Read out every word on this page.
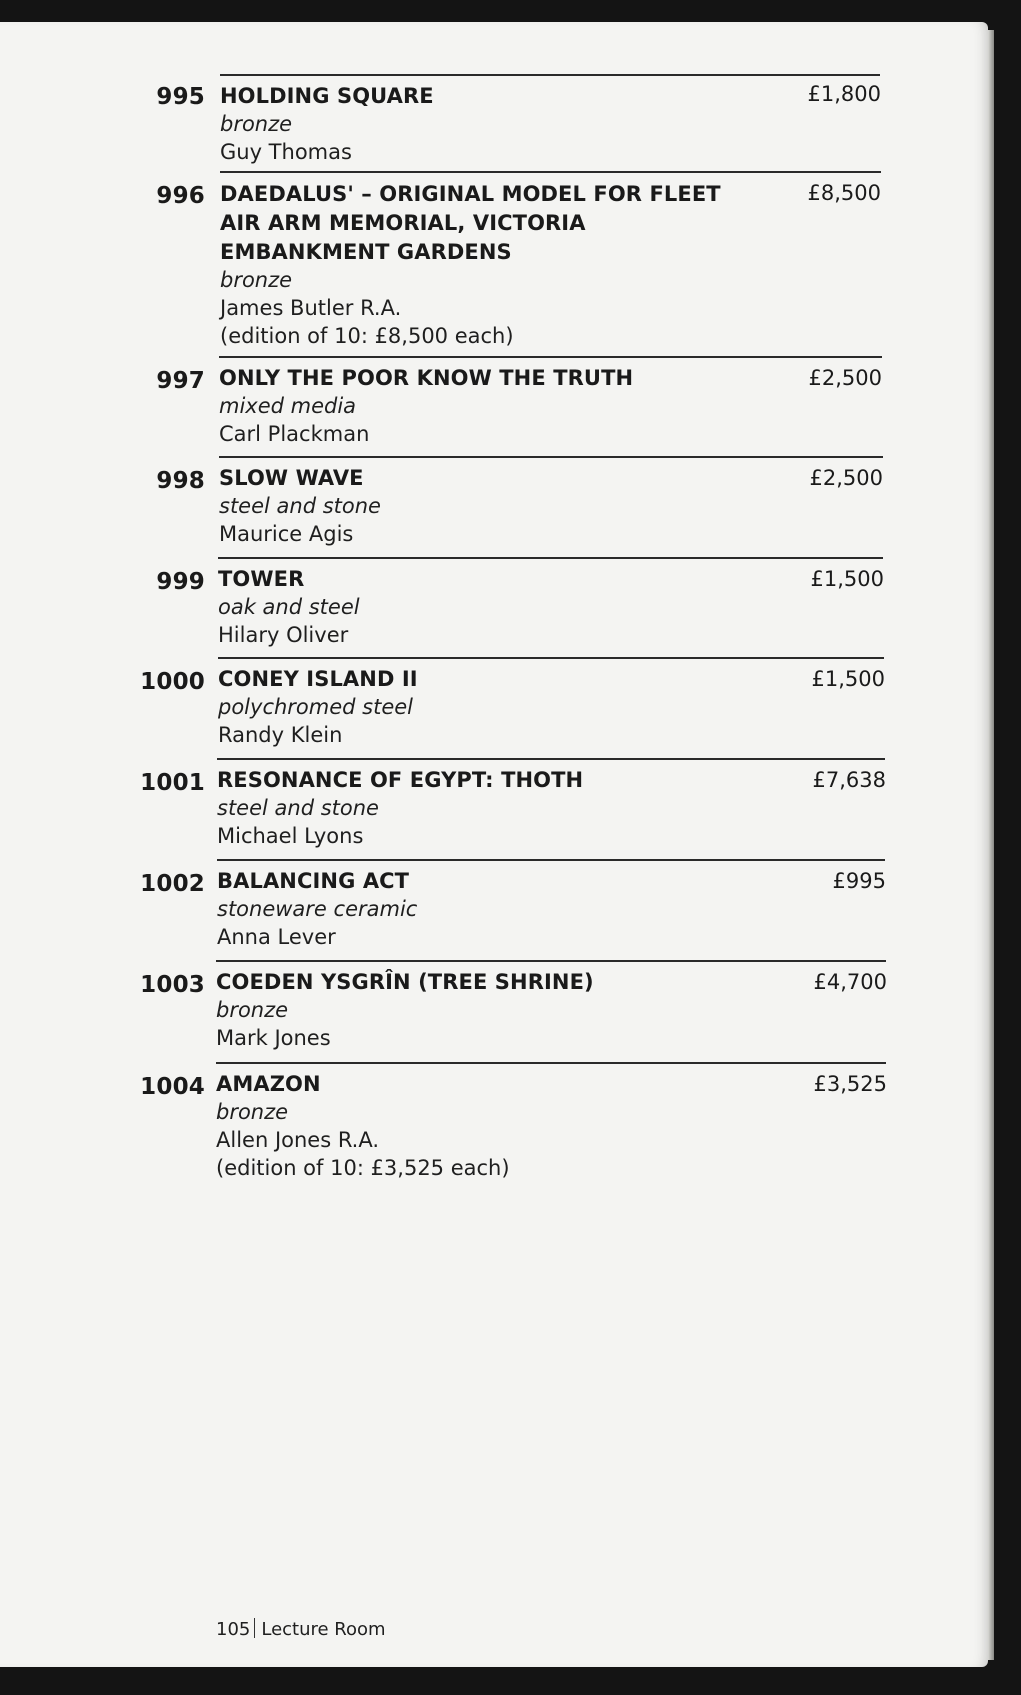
995 HOLDING SQUARE
bronze
Guy Thomas
£1,800
996 DAEDALUS' – ORIGINAL MODEL FOR FLEET AIR ARM MEMORIAL, VICTORIA EMBANKMENT GARDENS
bronze
James Butler R.A.
(edition of 10: £8,500 each)
£8,500
997 ONLY THE POOR KNOW THE TRUTH
mixed media
Carl Plackman
£2,500
998 SLOW WAVE
steel and stone
Maurice Agis
£2,500
999 TOWER
oak and steel
Hilary Oliver
£1,500
1000 CONEY ISLAND II
polychromed steel
Randy Klein
£1,500
1001 RESONANCE OF EGYPT: THOTH
steel and stone
Michael Lyons
£7,638
1002 BALANCING ACT
stoneware ceramic
Anna Lever
£995
1003 COEDEN YSGRÎN (TREE SHRINE)
bronze
Mark Jones
£4,700
1004 AMAZON
bronze
Allen Jones R.A.
(edition of 10: £3,525 each)
£3,525
105 Lecture Room
